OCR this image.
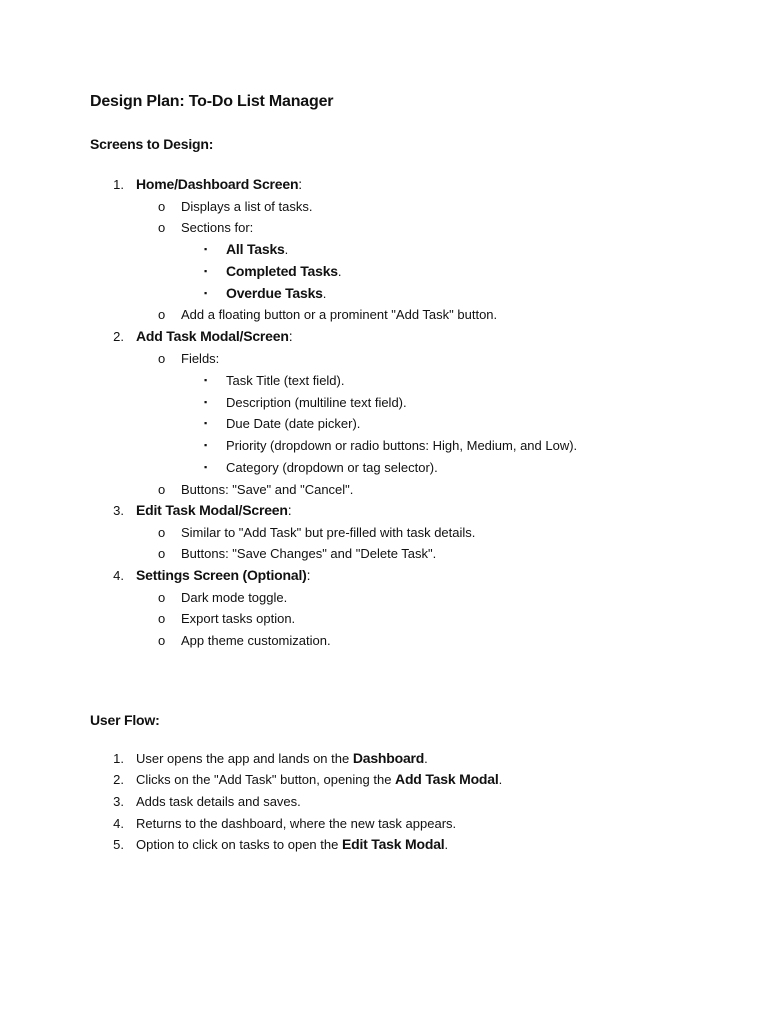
Design Plan: To-Do List Manager
Screens to Design:
1. Home/Dashboard Screen:
o Displays a list of tasks.
o Sections for:
▪ All Tasks.
▪ Completed Tasks.
▪ Overdue Tasks.
o Add a floating button or a prominent "Add Task" button.
2. Add Task Modal/Screen:
o Fields:
▪ Task Title (text field).
▪ Description (multiline text field).
▪ Due Date (date picker).
▪ Priority (dropdown or radio buttons: High, Medium, and Low).
▪ Category (dropdown or tag selector).
o Buttons: "Save" and "Cancel".
3. Edit Task Modal/Screen:
o Similar to "Add Task" but pre-filled with task details.
o Buttons: "Save Changes" and "Delete Task".
4. Settings Screen (Optional):
o Dark mode toggle.
o Export tasks option.
o App theme customization.
User Flow:
1. User opens the app and lands on the Dashboard.
2. Clicks on the "Add Task" button, opening the Add Task Modal.
3. Adds task details and saves.
4. Returns to the dashboard, where the new task appears.
5. Option to click on tasks to open the Edit Task Modal.
